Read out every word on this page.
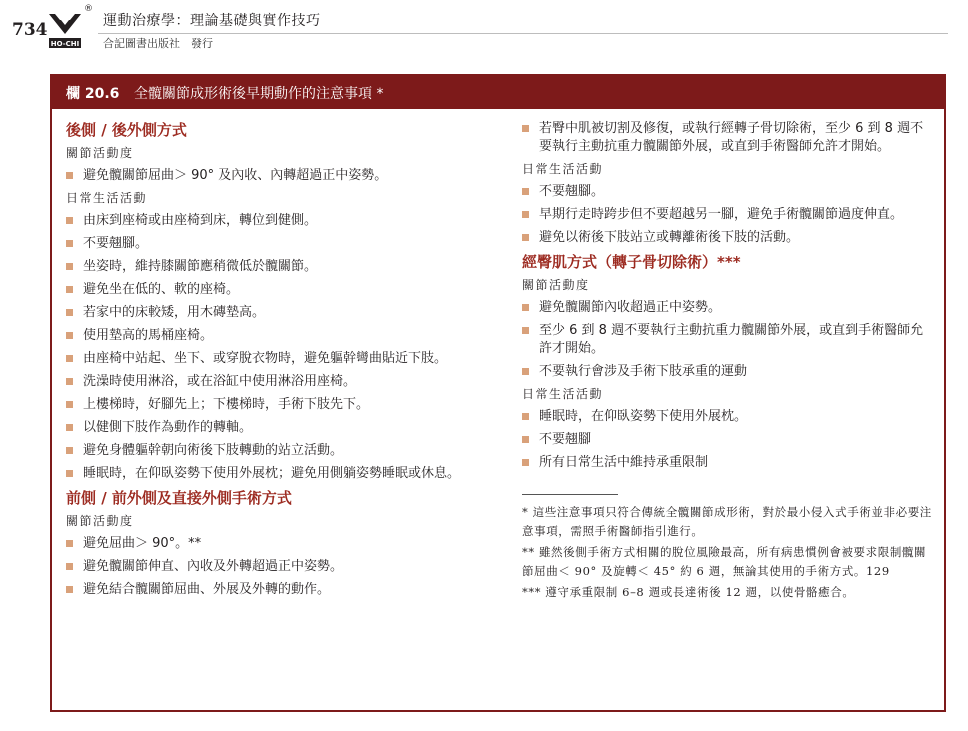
734
HO-CHI
®
運動治療學：理論基礎與實作技巧
合記圖書出版社　發行
欄 20.6 全髖關節成形術後早期動作的注意事項 *
後側 / 後外側方式
關節活動度
避免髖關節屈曲＞ 90° 及內收、內轉超過正中姿勢。
日常生活活動
由床到座椅或由座椅到床，轉位到健側。
不要翹腳。
坐姿時，維持膝關節應稍微低於髖關節。
避免坐在低的、軟的座椅。
若家中的床較矮，用木磚墊高。
使用墊高的馬桶座椅。
由座椅中站起、坐下、或穿脫衣物時，避免軀幹彎曲貼近下肢。
洗澡時使用淋浴，或在浴缸中使用淋浴用座椅。
上樓梯時，好腳先上；下樓梯時，手術下肢先下。
以健側下肢作為動作的轉軸。
避免身體軀幹朝向術後下肢轉動的站立活動。
睡眠時，在仰臥姿勢下使用外展枕；避免用側躺姿勢睡眠或休息。
前側 / 前外側及直接外側手術方式
關節活動度
避免屈曲＞ 90°。**
避免髖關節伸直、內收及外轉超過正中姿勢。
避免結合髖關節屈曲、外展及外轉的動作。
若臀中肌被切割及修復，或執行經轉子骨切除術，至少 6 到 8 週不要執行主動抗重力髖關節外展，或直到手術醫師允許才開始。
日常生活活動
不要翹腳。
早期行走時跨步但不要超越另一腳，避免手術髖關節過度伸直。
避免以術後下肢站立或轉離術後下肢的活動。
經臀肌方式（轉子骨切除術）***
關節活動度
避免髖關節內收超過正中姿勢。
至少 6 到 8 週不要執行主動抗重力髖關節外展，或直到手術醫師允許才開始。
不要執行會涉及手術下肢承重的運動
日常生活活動
睡眠時，在仰臥姿勢下使用外展枕。
不要翹腳
所有日常生活中維持承重限制
* 這些注意事項只符合傳統全髖關節成形術，對於最小侵入式手術並非必要注意事項，需照手術醫師指引進行。
** 雖然後側手術方式相關的脫位風險最高，所有病患慣例會被要求限制髖關節屈曲＜ 90° 及旋轉＜ 45° 約 6 週，無論其使用的手術方式。129
*** 遵守承重限制 6–8 週或長達術後 12 週，以使骨骼癒合。
